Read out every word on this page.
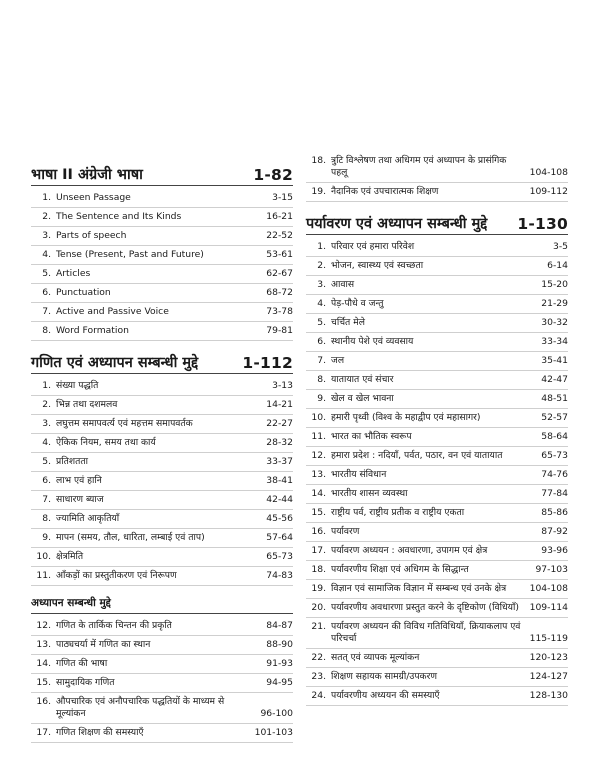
भाषा II अंग्रेजी भाषा	1-82
1. Unseen Passage	3-15
2. The Sentence and Its Kinds	16-21
3. Parts of speech	22-52
4. Tense (Present, Past and Future)	53-61
5. Articles	62-67
6. Punctuation	68-72
7. Active and Passive Voice	73-78
8. Word Formation	79-81
गणित एवं अध्यापन सम्बन्धी मुद्दे	1-112
1. संख्या पद्धति	3-13
2. भिन्न तथा दशमलव	14-21
3. लघुत्तम समापवर्त्य एवं महत्तम समापवर्तक	22-27
4. ऐकिक नियम, समय तथा कार्य	28-32
5. प्रतिशतता	33-37
6. लाभ एवं हानि	38-41
7. साधारण ब्याज	42-44
8. ज्यामिति आकृतियाँ	45-56
9. मापन (समय, तौल, धारिता, लम्बाई एवं ताप)	57-64
10. क्षेत्रमिति	65-73
11. आँकड़ों का प्रस्तुतीकरण एवं निरूपण	74-83
अध्यापन सम्बन्धी मुद्दे
12. गणित के तार्किक चिन्तन की प्रकृति	84-87
13. पाठ्यचर्या में गणित का स्थान	88-90
14. गणित की भाषा	91-93
15. सामुदायिक गणित	94-95
16. औपचारिक एवं अनौपचारिक पद्धतियों के माध्यम से मूल्यांकन	96-100
17. गणित शिक्षण की समस्याएँ	101-103
18. त्रुटि विश्लेषण तथा अधिगम एवं अध्यापन के प्रासंगिक पहलू	104-108
19. नैदानिक एवं उपचारात्मक शिक्षण	109-112
पर्यावरण एवं अध्यापन सम्बन्धी मुद्दे 1-130
1. परिवार एवं हमारा परिवेश	3-5
2. भोजन, स्वास्थ्य एवं स्वच्छता	6-14
3. आवास	15-20
4. पेड़-पौधे व जन्तु	21-29
5. चर्चित मेले	30-32
6. स्थानीय पेशे एवं व्यवसाय	33-34
7. जल	35-41
8. यातायात एवं संचार	42-47
9. खेल व खेल भावना	48-51
10. हमारी पृथ्वी (विश्व के महाद्वीप एवं महासागर)	52-57
11. भारत का भौतिक स्वरूप	58-64
12. हमारा प्रदेश : नदियाँ, पर्वत, पठार, वन एवं यातायात	65-73
13. भारतीय संविधान	74-76
14. भारतीय शासन व्यवस्था	77-84
15. राष्ट्रीय पर्व, राष्ट्रीय प्रतीक व राष्ट्रीय एकता	85-86
16. पर्यावरण	87-92
17. पर्यावरण अध्ययन : अवधारणा, उपागम एवं क्षेत्र	93-96
18. पर्यावरणीय शिक्षा एवं अधिगम के सिद्धान्त	97-103
19. विज्ञान एवं सामाजिक विज्ञान में सम्बन्ध एवं उनके क्षेत्र	104-108
20. पर्यावरणीय अवधारणा प्रस्तुत करने के दृष्टिकोण (विधियाँ)	109-114
21. पर्यावरण अध्ययन की विविध गतिविधियाँ, क्रियाकलाप एवं परिचर्चा	115-119
22. सतत् एवं व्यापक मूल्यांकन	120-123
23. शिक्षण सहायक सामग्री/उपकरण	124-127
24. पर्यावरणीय अध्ययन की समस्याएँ	128-130
